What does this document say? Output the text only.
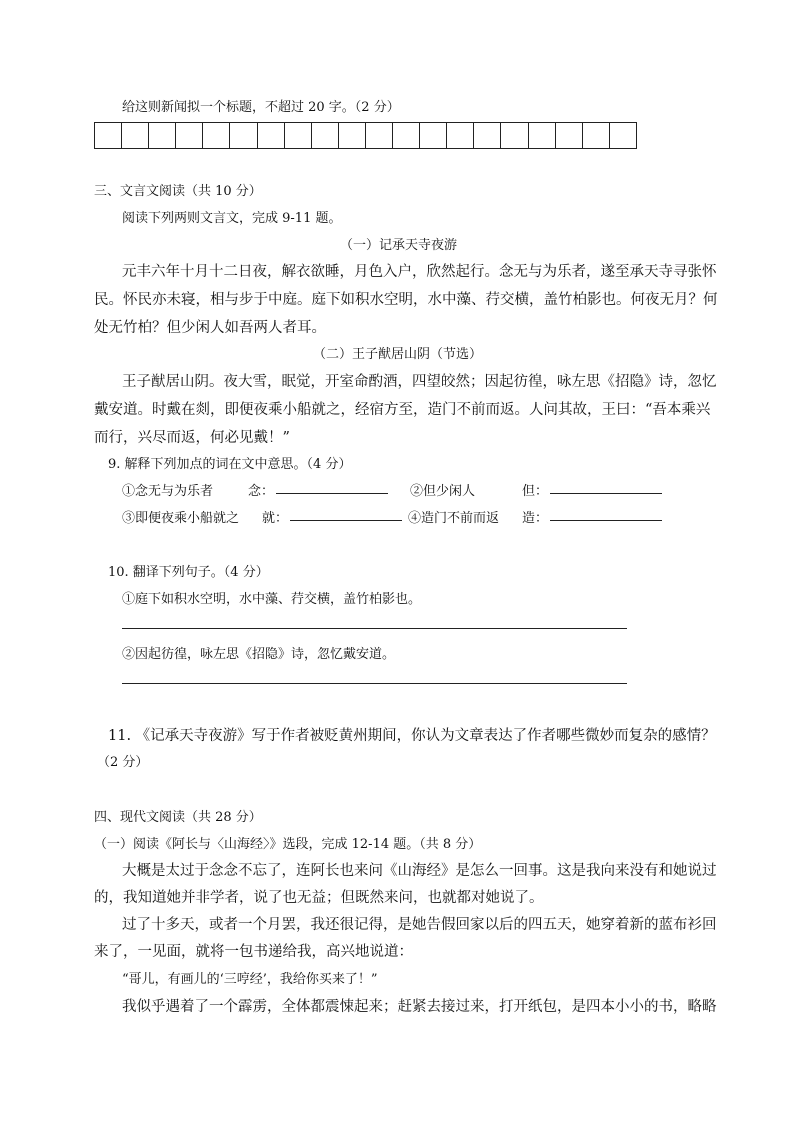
给这则新闻拟一个标题，不超过 20 字。（2 分）
三、文言文阅读（共 10 分）
阅读下列两则文言文，完成 9-11 题。
（一）记承天寺夜游
元丰六年十月十二日夜，解衣欲睡，月色入户，欣然起行。念无与为乐者，遂至承天寺寻张怀
民。怀民亦未寝，相与步于中庭。庭下如积水空明，水中藻、荇交横，盖竹柏影也。何夜无月？何
处无竹柏？但少闲人如吾两人者耳。
（二）王子猷居山阴（节选）
王子猷居山阴。夜大雪，眠觉，开室命酌酒，四望皎然；因起彷徨，咏左思《招隐》诗，忽忆
戴安道。时戴在剡，即便夜乘小船就之，经宿方至，造门不前而返。人问其故，王曰：“吾本乘兴
而行，兴尽而返，何必见戴！”
9. 解释下列加点的词在文中意思。（4 分）
①念无与为乐者	念：	②但少闲人	但：
③即便夜乘小船就之 就：	④造门不前而返 造：
10. 翻译下列句子。（4 分）
①庭下如积水空明，水中藻、荇交横，盖竹柏影也。
②因起彷徨，咏左思《招隐》诗，忽忆戴安道。
11. 《记承天寺夜游》写于作者被贬黄州期间，你认为文章表达了作者哪些微妙而复杂的感情？
（2 分）
四、现代文阅读（共 28 分）
（一）阅读《阿长与〈山海经〉》选段，完成 12-14 题。（共 8 分）
大概是太过于念念不忘了，连阿长也来问《山海经》是怎么一回事。这是我向来没有和她说过
的，我知道她并非学者，说了也无益；但既然来问，也就都对她说了。
过了十多天，或者一个月罢，我还很记得，是她告假回家以后的四五天，她穿着新的蓝布衫回
来了，一见面，就将一包书递给我，高兴地说道：
“哥儿，有画儿的‘三哼经’，我给你买来了！”
我似乎遇着了一个霹雳，全体都震悚起来；赶紧去接过来，打开纸包，是四本小小的书，略略
